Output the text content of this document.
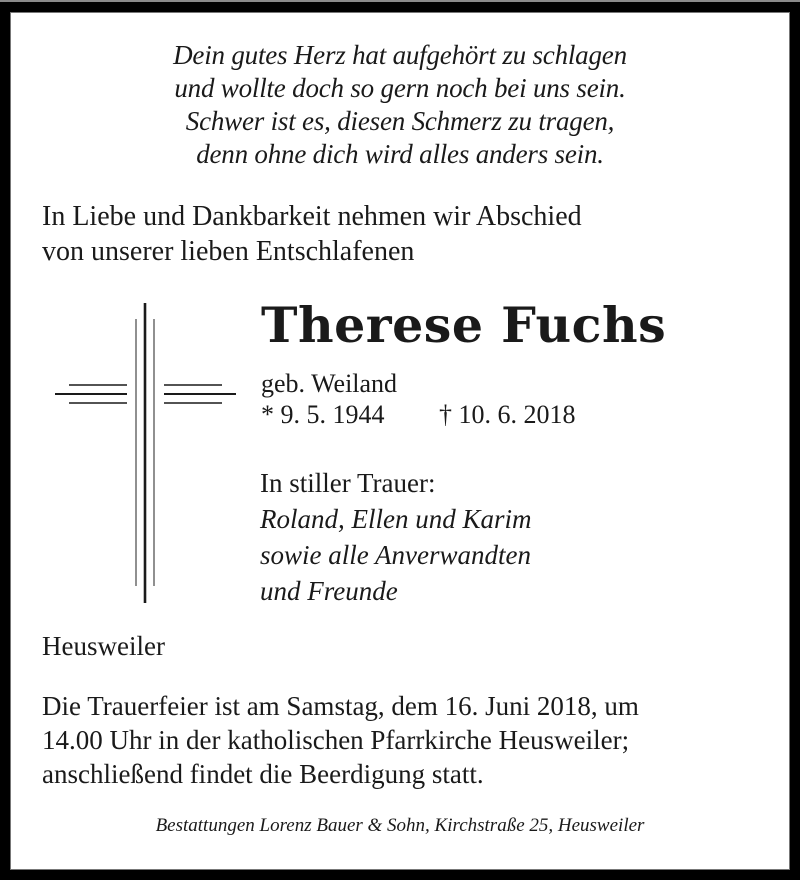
Dein gutes Herz hat aufgehört zu schlagen
und wollte doch so gern noch bei uns sein.
Schwer ist es, diesen Schmerz zu tragen,
denn ohne dich wird alles anders sein.
In Liebe und Dankbarkeit nehmen wir Abschied
von unserer lieben Entschlafenen
Therese Fuchs
geb. Weiland
* 9. 5. 1944 † 10. 6. 2018
In stiller Trauer:
Roland, Ellen und Karim
sowie alle Anverwandten
und Freunde
Heusweiler
Die Trauerfeier ist am Samstag, dem 16. Juni 2018, um
14.00 Uhr in der katholischen Pfarrkirche Heusweiler;
anschließend findet die Beerdigung statt.
Bestattungen Lorenz Bauer & Sohn, Kirchstraße 25, Heusweiler
